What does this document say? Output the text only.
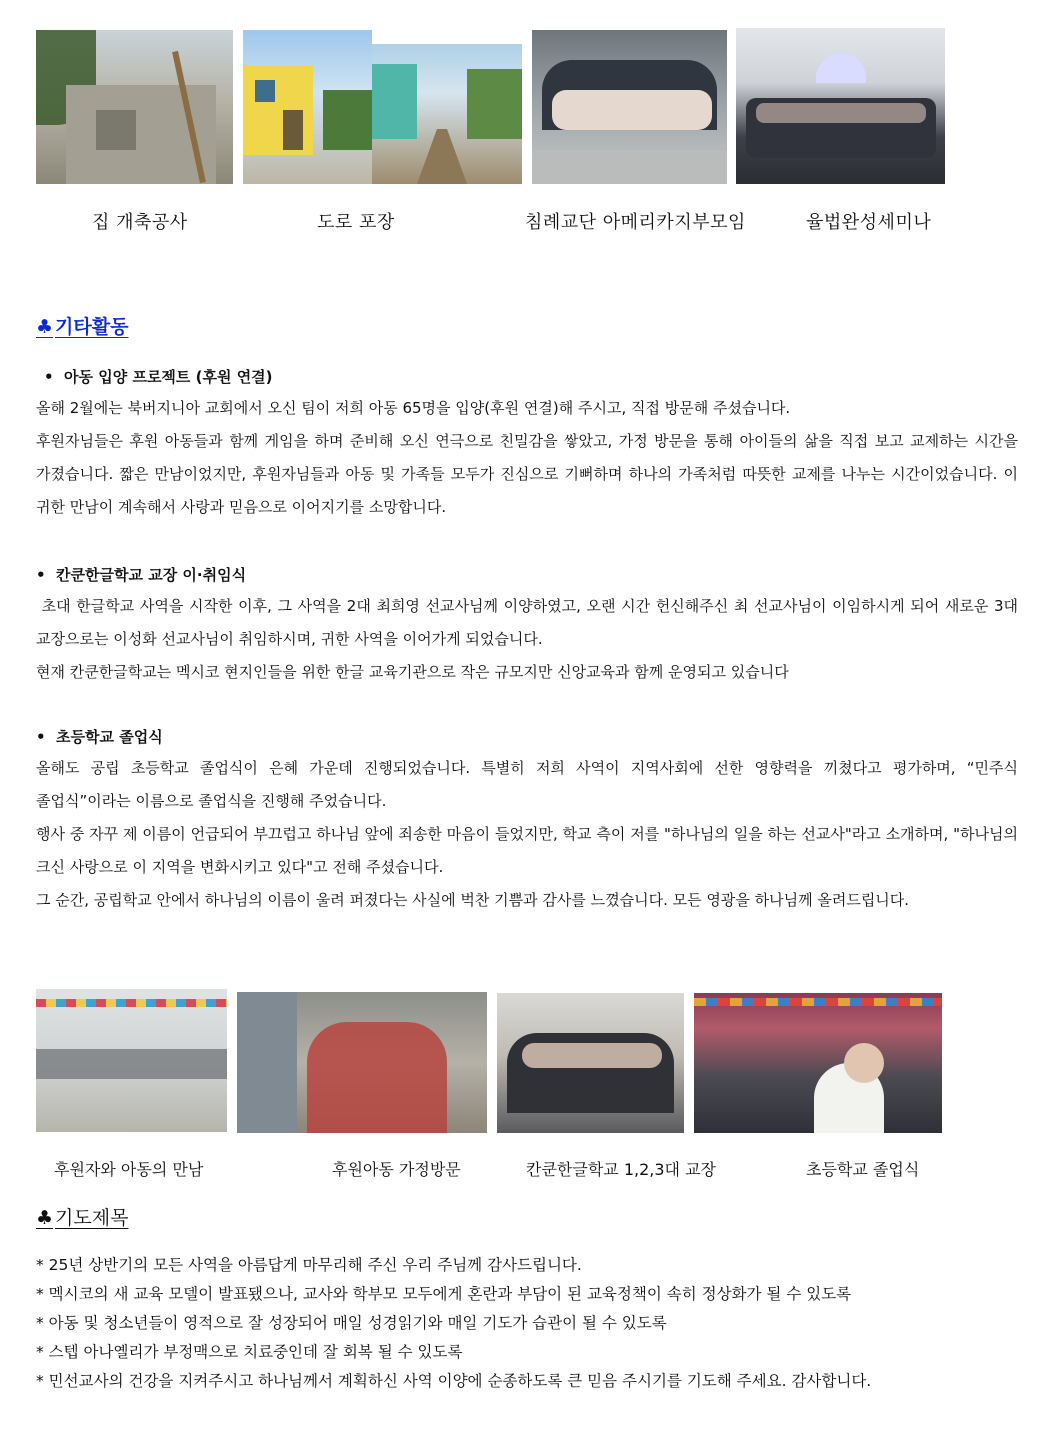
집 개축공사	도로 포장	침례교단 아메리카지부모임	율법완성세미나
♣ 기타활동
• 아동 입양 프로젝트 (후원 연결)
올해 2월에는 북버지니아 교회에서 오신 팀이 저희 아동 65명을 입양(후원 연결)해 주시고, 직접 방문해 주셨습니다.
후원자님들은 후원 아동들과 함께 게임을 하며 준비해 오신 연극으로 친밀감을 쌓았고, 가정 방문을 통해 아이들의 삶을 직접 보고 교제하는 시간을 가졌습니다. 짧은 만남이었지만, 후원자님들과 아동 및 가족들 모두가 진심으로 기뻐하며 하나의 가족처럼 따뜻한 교제를 나누는 시간이었습니다. 이 귀한 만남이 계속해서 사랑과 믿음으로 이어지기를 소망합니다.
• 칸쿤한글학교 교장 이·취임식
초대 한글학교 사역을 시작한 이후, 그 사역을 2대 최희영 선교사님께 이양하였고, 오랜 시간 헌신해주신 최 선교사님이 이임하시게 되어 새로운 3대 교장으로는 이성화 선교사님이 취임하시며, 귀한 사역을 이어가게 되었습니다.
현재 칸쿤한글학교는 멕시코 현지인들을 위한 한글 교육기관으로 작은 규모지만 신앙교육과 함께 운영되고 있습니다
• 초등학교 졸업식
올해도 공립 초등학교 졸업식이 은혜 가운데 진행되었습니다. 특별히 저희 사역이 지역사회에 선한 영향력을 끼쳤다고 평가하며, “민주식 졸업식”이라는 이름으로 졸업식을 진행해 주었습니다.
행사 중 자꾸 제 이름이 언급되어 부끄럽고 하나님 앞에 죄송한 마음이 들었지만, 학교 측이 저를 "하나님의 일을 하는 선교사"라고 소개하며, "하나님의 크신 사랑으로 이 지역을 변화시키고 있다"고 전해 주셨습니다.
그 순간, 공립학교 안에서 하나님의 이름이 울려 퍼졌다는 사실에 벅찬 기쁨과 감사를 느꼈습니다. 모든 영광을 하나님께 올려드립니다.
후원자와 아동의 만남	후원아동 가정방문	칸쿤한글학교 1,2,3대 교장	초등학교 졸업식
♣ 기도제목
* 25년 상반기의 모든 사역을 아름답게 마무리해 주신 우리 주님께 감사드립니다.
* 멕시코의 새 교육 모델이 발표됐으나, 교사와 학부모 모두에게 혼란과 부담이 된 교육정책이 속히 정상화가 될 수 있도록
* 아동 및 청소년들이 영적으로 잘 성장되어 매일 성경읽기와 매일 기도가 습관이 될 수 있도록
* 스텝 아나옐리가 부정맥으로 치료중인데 잘 회복 될 수 있도록
* 민선교사의 건강을 지켜주시고 하나님께서 계획하신 사역 이양에 순종하도록 큰 믿음 주시기를 기도해 주세요. 감사합니다.
